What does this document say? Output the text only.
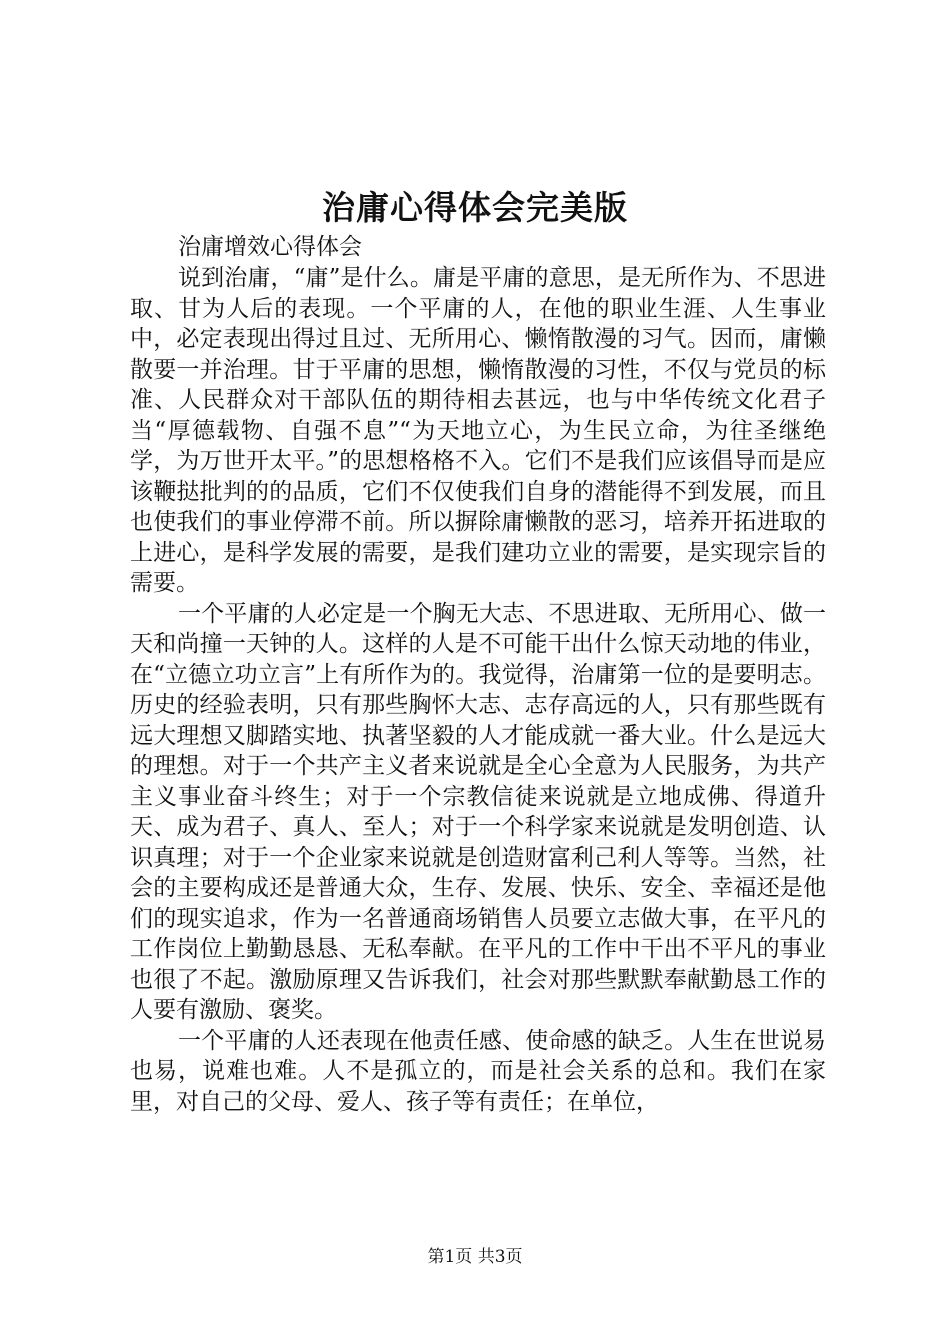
治庸心得体会完美版

治庸增效心得体会

说到治庸，“庸”是什么。庸是平庸的意思，是无所作为、不思进取、甘为人后的表现。一个平庸的人，在他的职业生涯、人生事业中，必定表现出得过且过、无所用心、懒惰散漫的习气。因而，庸懒散要一并治理。甘于平庸的思想，懒惰散漫的习性，不仅与党员的标准、人民群众对干部队伍的期待相去甚远，也与中华传统文化君子当“厚德载物、自强不息”“为天地立心，为生民立命，为往圣继绝学，为万世开太平。”的思想格格不入。它们不是我们应该倡导而是应该鞭挞批判的的品质，它们不仅使我们自身的潜能得不到发展，而且也使我们的事业停滞不前。所以摒除庸懒散的恶习，培养开拓进取的上进心，是科学发展的需要，是我们建功立业的需要，是实现宗旨的需要。

一个平庸的人必定是一个胸无大志、不思进取、无所用心、做一天和尚撞一天钟的人。这样的人是不可能干出什么惊天动地的伟业，在“立德立功立言”上有所作为的。我觉得，治庸第一位的是要明志。历史的经验表明，只有那些胸怀大志、志存高远的人，只有那些既有远大理想又脚踏实地、执著坚毅的人才能成就一番大业。什么是远大的理想。对于一个共产主义者来说就是全心全意为人民服务，为共产主义事业奋斗终生；对于一个宗教信徒来说就是立地成佛、得道升天、成为君子、真人、至人；对于一个科学家来说就是发明创造、认识真理；对于一个企业家来说就是创造财富利己利人等等。当然，社会的主要构成还是普通大众，生存、发展、快乐、安全、幸福还是他们的现实追求，作为一名普通商场销售人员要立志做大事，在平凡的工作岗位上勤勤恳恳、无私奉献。在平凡的工作中干出不平凡的事业也很了不起。激励原理又告诉我们，社会对那些默默奉献勤恳工作的人要有激励、褒奖。

一个平庸的人还表现在他责任感、使命感的缺乏。人生在世说易也易，说难也难。人不是孤立的，而是社会关系的总和。我们在家里，对自己的父母、爱人、孩子等有责任；在单位，

第1页 共3页
